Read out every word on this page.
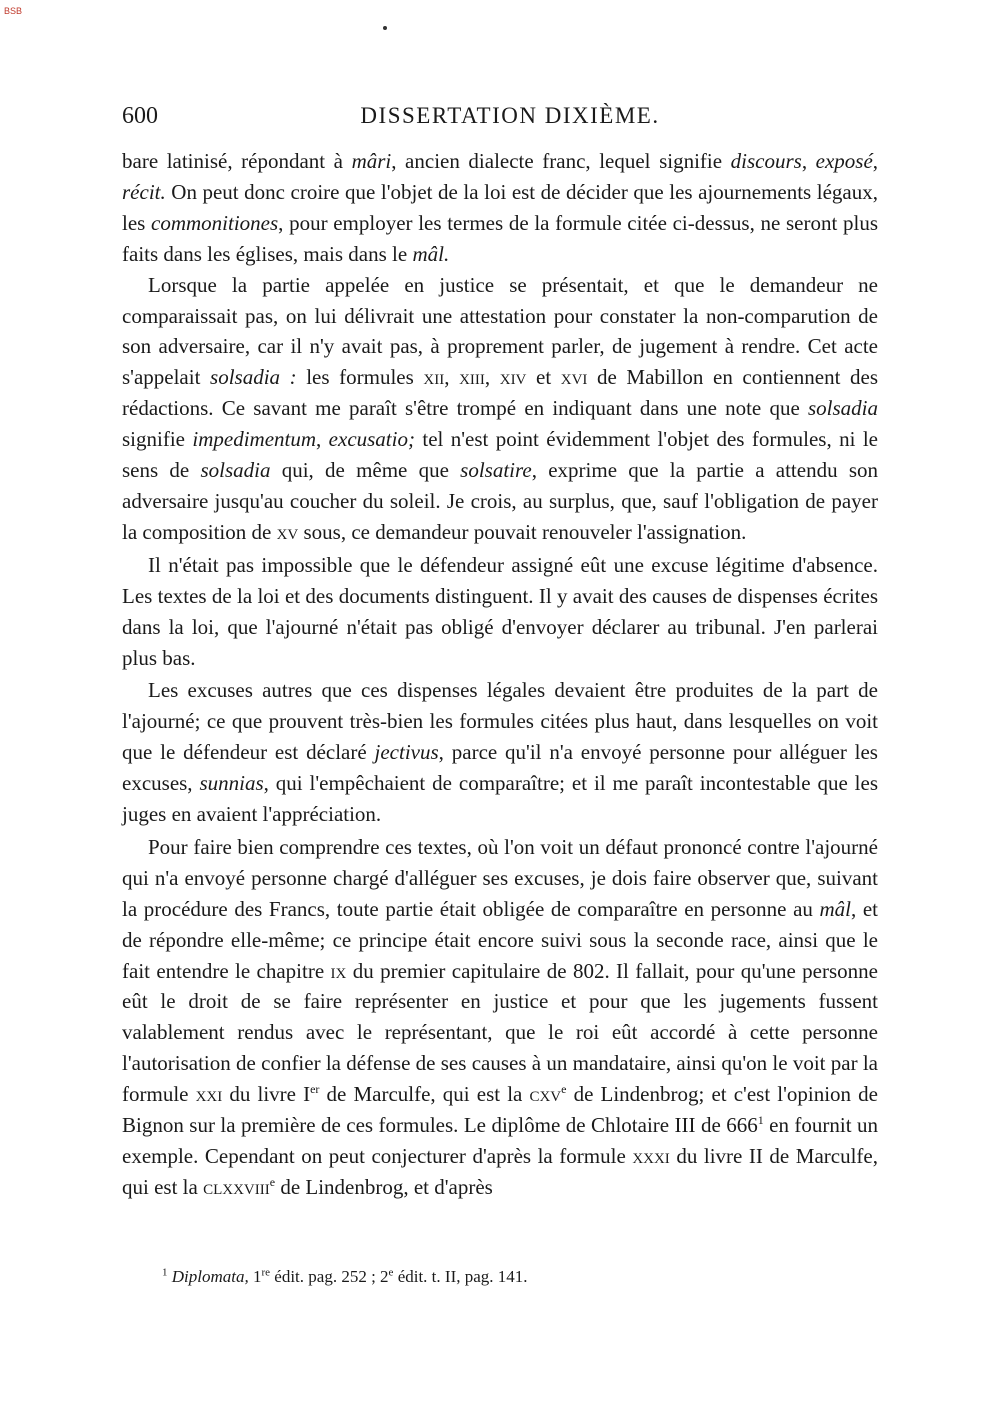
BSB
600	DISSERTATION DIXIÈME.

bare latinisé, répondant à mâri, ancien dialecte franc, lequel signifie discours, exposé, récit. On peut donc croire que l'objet de la loi est de décider que les ajournements légaux, les commonitiones, pour employer les termes de la formule citée ci-dessus, ne seront plus faits dans les églises, mais dans le mâl.

Lorsque la partie appelée en justice se présentait, et que le demandeur ne comparaissait pas, on lui délivrait une attestation pour constater la non-comparution de son adversaire, car il n'y avait pas, à proprement parler, de jugement à rendre. Cet acte s'appelait solsadia : les formules xii, xiii, xiv et xvi de Mabillon en contiennent des rédactions. Ce savant me paraît s'être trompé en indiquant dans une note que solsadia signifie impedimentum, excusatio; tel n'est point évidemment l'objet des formules, ni le sens de solsadia qui, de même que solsatire, exprime que la partie a attendu son adversaire jusqu'au coucher du soleil. Je crois, au surplus, que, sauf l'obligation de payer la composition de xv sous, ce demandeur pouvait renouveler l'assignation.

Il n'était pas impossible que le défendeur assigné eût une excuse légitime d'absence. Les textes de la loi et des documents distinguent. Il y avait des causes de dispenses écrites dans la loi, que l'ajourné n'était pas obligé d'envoyer déclarer au tribunal. J'en parlerai plus bas.

Les excuses autres que ces dispenses légales devaient être produites de la part de l'ajourné; ce que prouvent très-bien les formules citées plus haut, dans lesquelles on voit que le défendeur est déclaré jectivus, parce qu'il n'a envoyé personne pour alléguer les excuses, sunnias, qui l'empêchaient de comparaître; et il me paraît incontestable que les juges en avaient l'appréciation.

Pour faire bien comprendre ces textes, où l'on voit un défaut prononcé contre l'ajourné qui n'a envoyé personne chargé d'alléguer ses excuses, je dois faire observer que, suivant la procédure des Francs, toute partie était obligée de comparaître en personne au mâl, et de répondre elle-même; ce principe était encore suivi sous la seconde race, ainsi que le fait entendre le chapitre ix du premier capitulaire de 802. Il fallait, pour qu'une personne eût le droit de se faire représenter en justice et pour que les jugements fussent valablement rendus avec le représentant, que le roi eût accordé à cette personne l'autorisation de confier la défense de ses causes à un mandataire, ainsi qu'on le voit par la formule xxi du livre Ier de Marculfe, qui est la cxv$^e$ de Lindenbrog; et c'est l'opinion de Bignon sur la première de ces formules. Le diplôme de Chlotaire III de $666^1$ en fournit un exemple. Cependant on peut conjecturer d'après la formule xxxi du livre II de Marculfe, qui est la clxxviii$^e$ de Lindenbrog, et d'après

$^1$ Diplomata, 1re édit. pag. 252 ; 2e édit. t. II, pag. 141.
